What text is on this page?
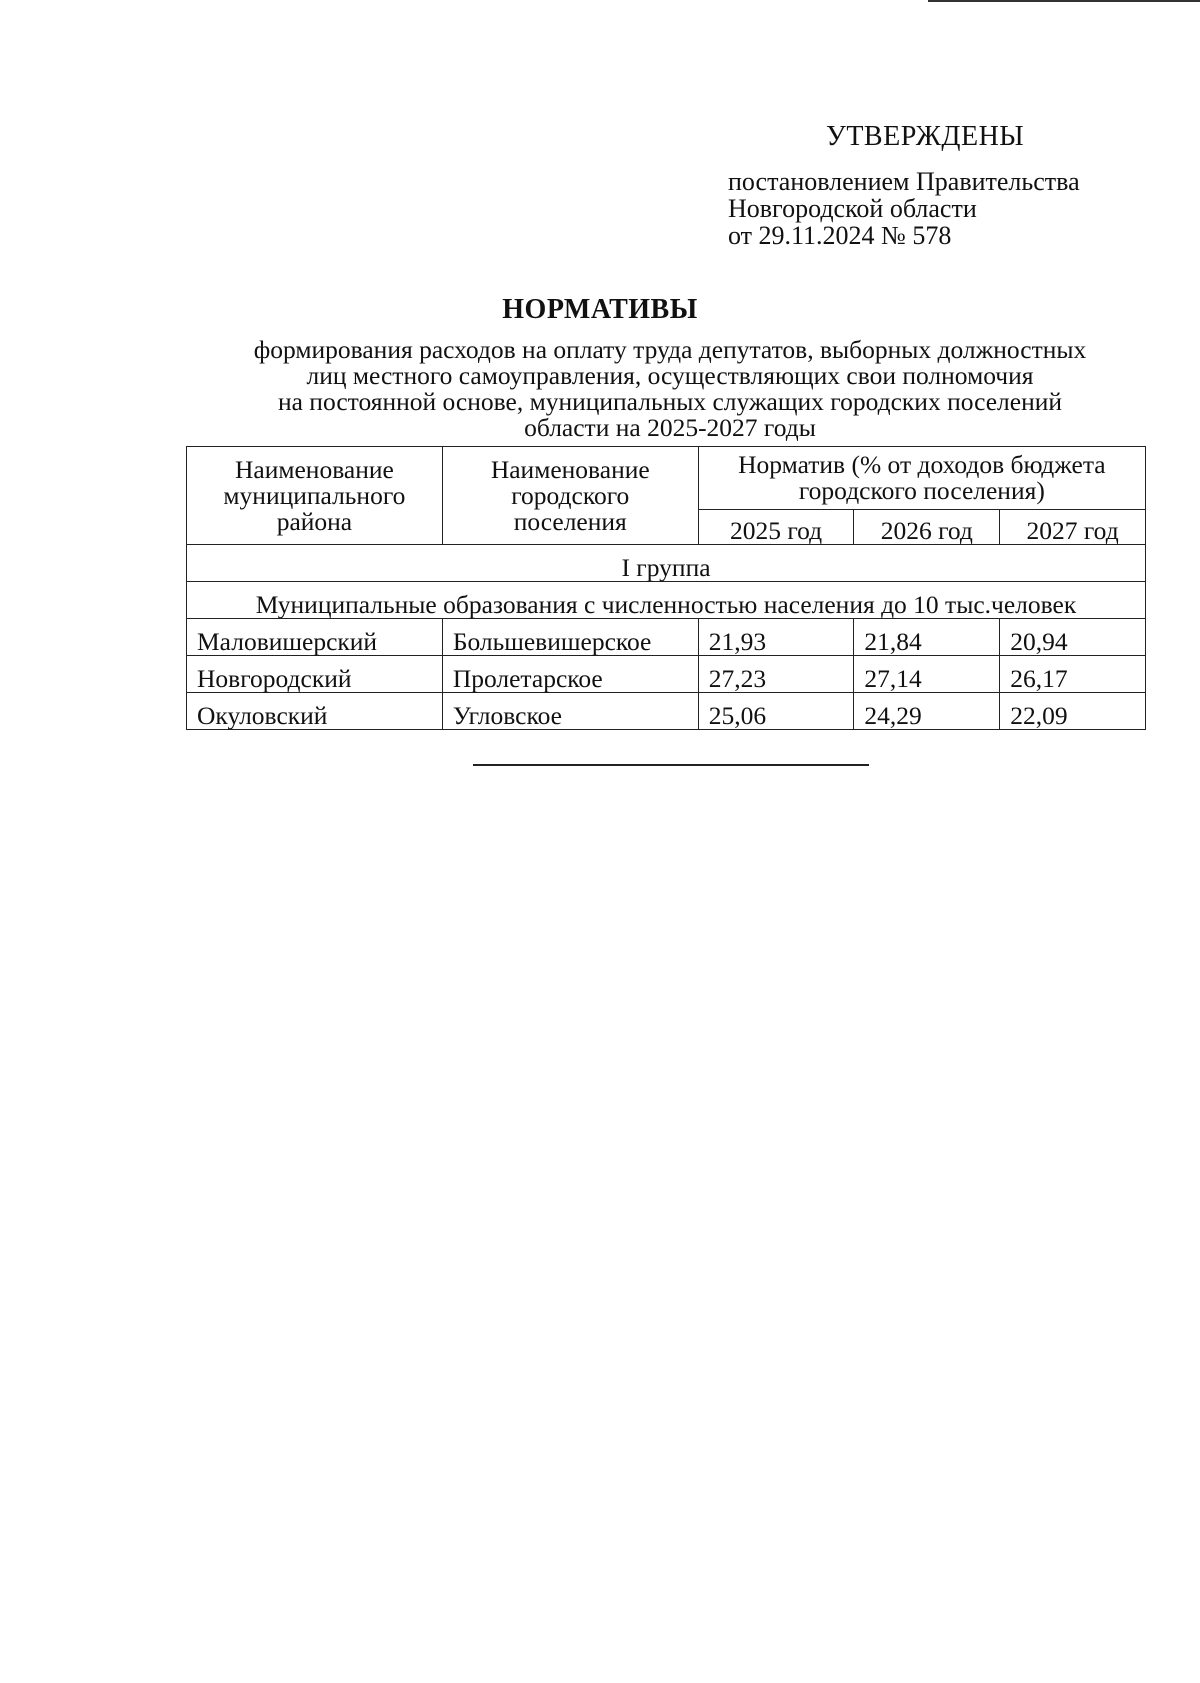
УТВЕРЖДЕНЫ
постановлением Правительства
Новгородской области
от 29.11.2024 № 578
НОРМАТИВЫ
формирования расходов на оплату труда депутатов, выборных должностных
лиц местного самоуправления, осуществляющих свои полномочия
на постоянной основе, муниципальных служащих городских поселений
области на 2025-2027 годы
Наименование муниципального района	Наименование городского поселения	Норматив (% от доходов бюджета городского поселения)		
		2025 год	2026 год	2027 год
I группа				
Муниципальные образования с численностью населения до 10 тыс.человек				
Маловишерский	Большевишерское	21,93	21,84	20,94
Новгородский	Пролетарское	27,23	27,14	26,17
Окуловский	Угловское	25,06	24,29	22,09
